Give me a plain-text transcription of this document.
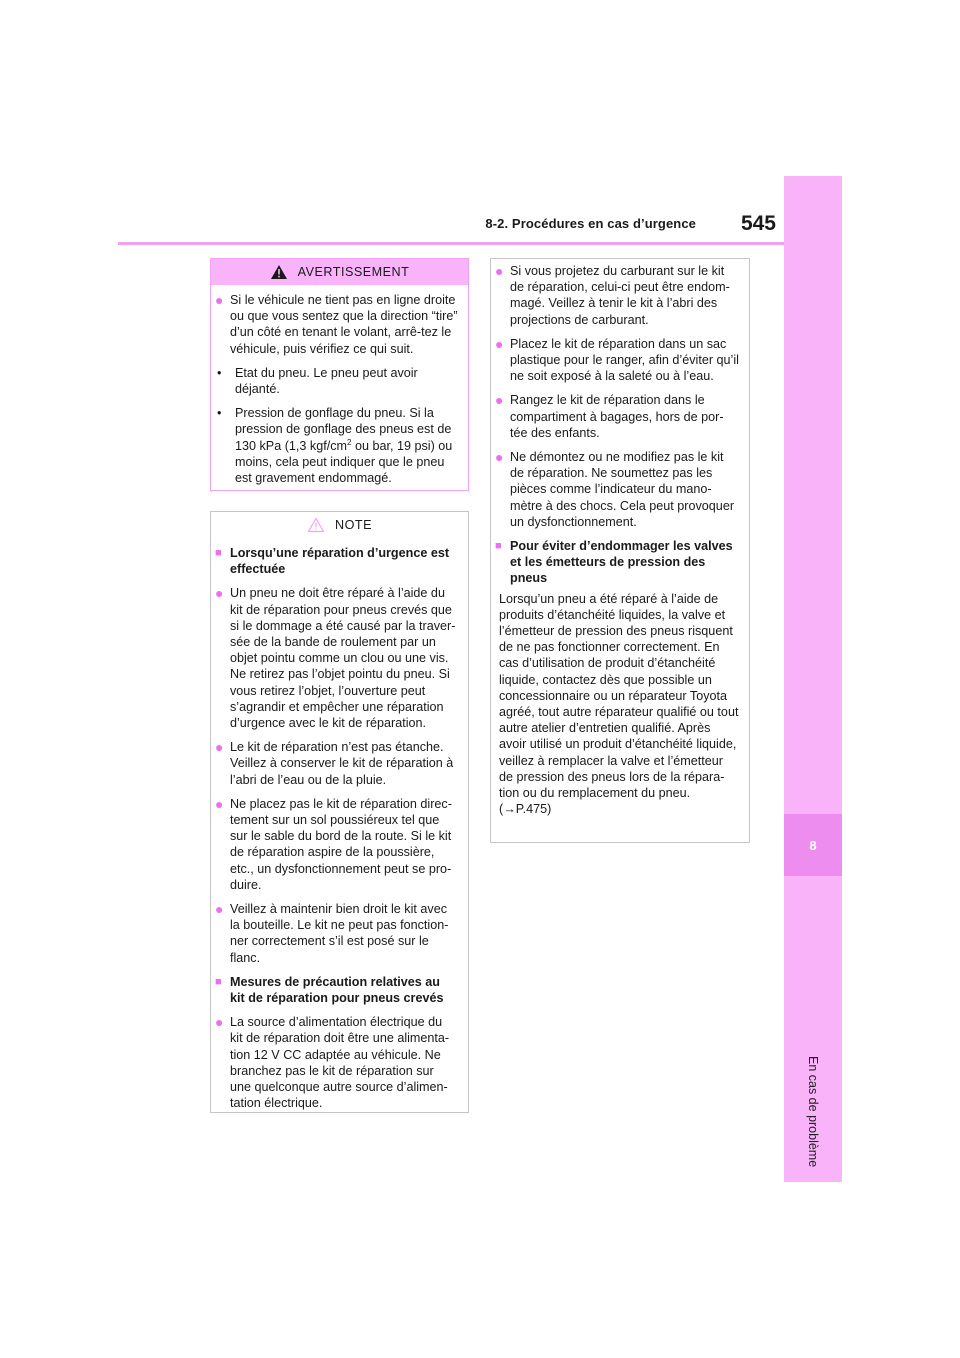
8-2. Procédures en cas d’urgence	545
8
En cas de problème
AVERTISSEMENT
● Si le véhicule ne tient pas en ligne droite ou que vous sentez que la direction “tire” d’un côté en tenant le volant, arrê-tez le véhicule, puis vérifiez ce qui suit.
•	Etat du pneu. Le pneu peut avoir déjanté.
•	Pression de gonflage du pneu. Si la pression de gonflage des pneus est de 130 kPa (1,3 kgf/$cm^2$ ou bar, 19 psi) ou moins, cela peut indiquer que le pneu est gravement endommagé.
NOTE
■ Lorsqu’une réparation d’urgence est effectuée
● Un pneu ne doit être réparé à l’aide du kit de réparation pour pneus crevés que si le dommage a été causé par la traver-sée de la bande de roulement par un objet pointu comme un clou ou une vis. Ne retirez pas l’objet pointu du pneu. Si vous retirez l’objet, l’ouverture peut s’agrandir et empêcher une réparation d’urgence avec le kit de réparation.
● Le kit de réparation n’est pas étanche. Veillez à conserver le kit de réparation à l’abri de l’eau ou de la pluie.
● Ne placez pas le kit de réparation direc-tement sur un sol poussiéreux tel que sur le sable du bord de la route. Si le kit de réparation aspire de la poussière, etc., un dysfonctionnement peut se pro-duire.
● Veillez à maintenir bien droit le kit avec la bouteille. Le kit ne peut pas fonction-ner correctement s’il est posé sur le flanc.
■ Mesures de précaution relatives au kit de réparation pour pneus crevés
● La source d’alimentation électrique du kit de réparation doit être une alimenta-tion 12 V CC adaptée au véhicule. Ne branchez pas le kit de réparation sur une quelconque autre source d’alimen-tation électrique.
● Si vous projetez du carburant sur le kit de réparation, celui-ci peut être endom-magé. Veillez à tenir le kit à l’abri des projections de carburant.
● Placez le kit de réparation dans un sac plastique pour le ranger, afin d’éviter qu’il ne soit exposé à la saleté ou à l’eau.
● Rangez le kit de réparation dans le compartiment à bagages, hors de por-tée des enfants.
● Ne démontez ou ne modifiez pas le kit de réparation. Ne soumettez pas les pièces comme l’indicateur du mano-mètre à des chocs. Cela peut provoquer un dysfonctionnement.
■ Pour éviter d’endommager les valves et les émetteurs de pression des pneus
Lorsqu’un pneu a été réparé à l’aide de produits d’étanchéité liquides, la valve et l’émetteur de pression des pneus risquent de ne pas fonctionner correctement. En cas d’utilisation de produit d’étanchéité liquide, contactez dès que possible un concessionnaire ou un réparateur Toyota agréé, tout autre réparateur qualifié ou tout autre atelier d’entretien qualifié. Après avoir utilisé un produit d’étanchéité liquide, veillez à remplacer la valve et l’émetteur de pression des pneus lors de la répara-tion ou du remplacement du pneu.
(→P.475)
